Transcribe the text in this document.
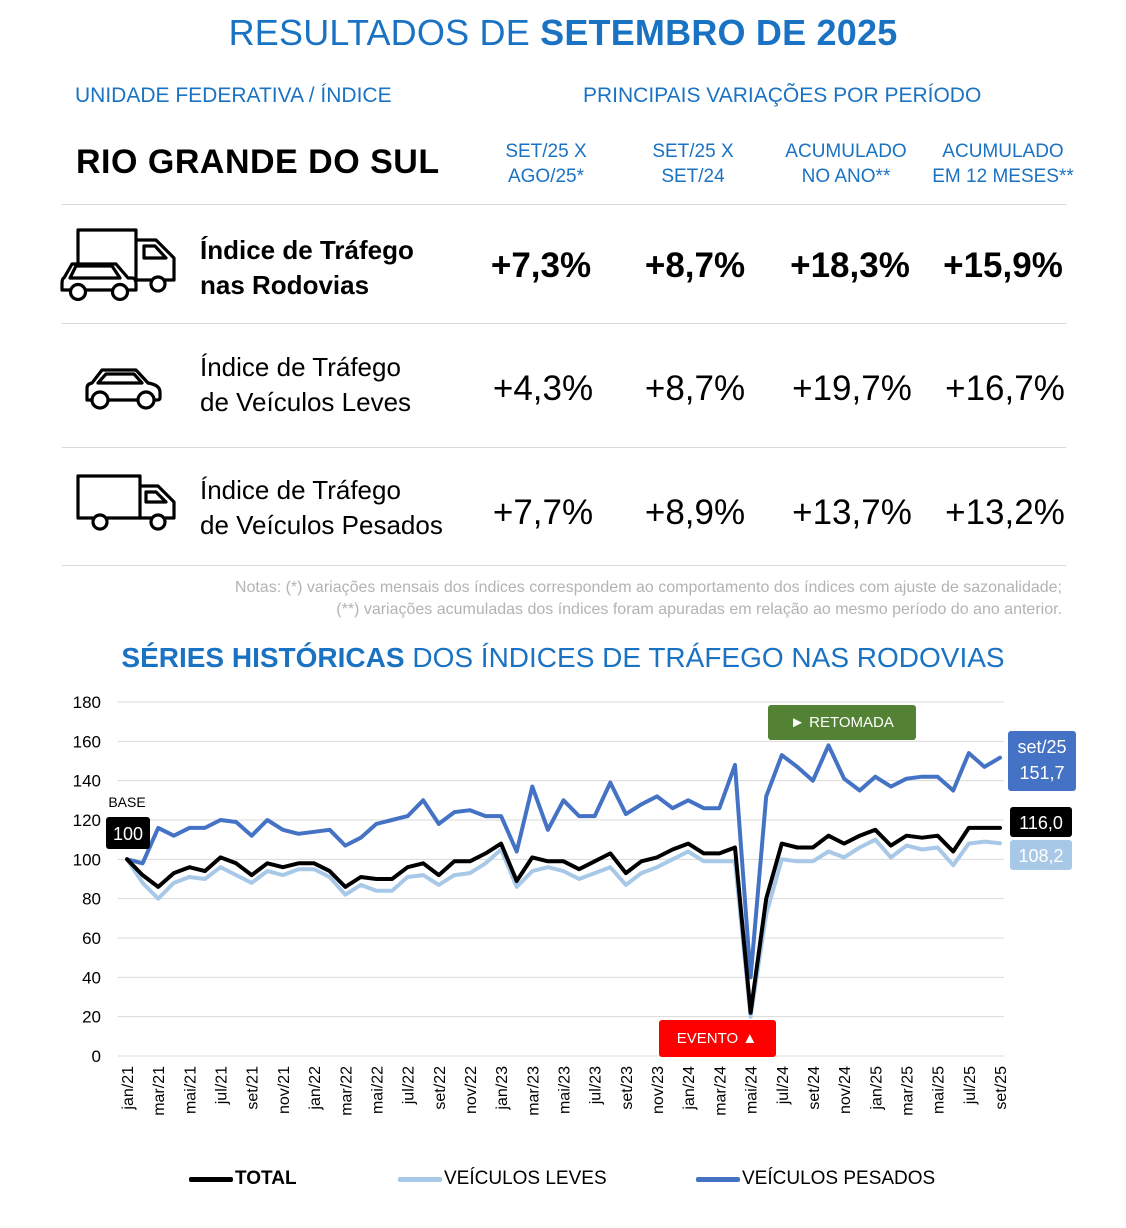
RESULTADOS DE SETEMBRO DE 2025
UNIDADE FEDERATIVA / ÍNDICE	PRINCIPAIS VARIAÇÕES POR PERÍODO
RIO GRANDE DO SUL	SET/25 X
AGO/25*
SET/25 X
SET/24
ACUMULADO
NO ANO**
ACUMULADO
EM 12 MESES**
Índice de Tráfego
nas Rodovias	+7,3%	+8,7%	+18,3% +15,9%
Índice de Tráfego
de Veículos Leves	+4,3%	+8,7%	+19,7% +16,7%
Índice de Tráfego
de Veículos Pesados	+7,7%	+8,9%	+13,7% +13,2%
Notas: (*) variações mensais dos índices correspondem ao comportamento dos índices com ajuste de sazonalidade;
(**) variações acumuladas dos índices foram apuradas em relação ao mesmo período do ano anterior.
SÉRIES HISTÓRICAS DOS ÍNDICES DE TRÁFEGO NAS RODOVIAS
0
20
40
60
80
100
120
140
160
180
jan/21 mar/21 mai/21 jul/21 set/21 nov/21 jan/22 mar/22 mai/22 jul/22 set/22 nov/22 jan/23 mar/23 mai/23 jul/23 set/23 nov/23 jan/24 mar/24 mai/24 jul/24 set/24 nov/24 jan/25 mar/25 mai/25 jul/25 set/25
BASE
100
► RETOMADA
EVENTO ▲
set/25
151,7
116,0
108,2
TOTAL	VEÍCULOS LEVES	VEÍCULOS PESADOS
